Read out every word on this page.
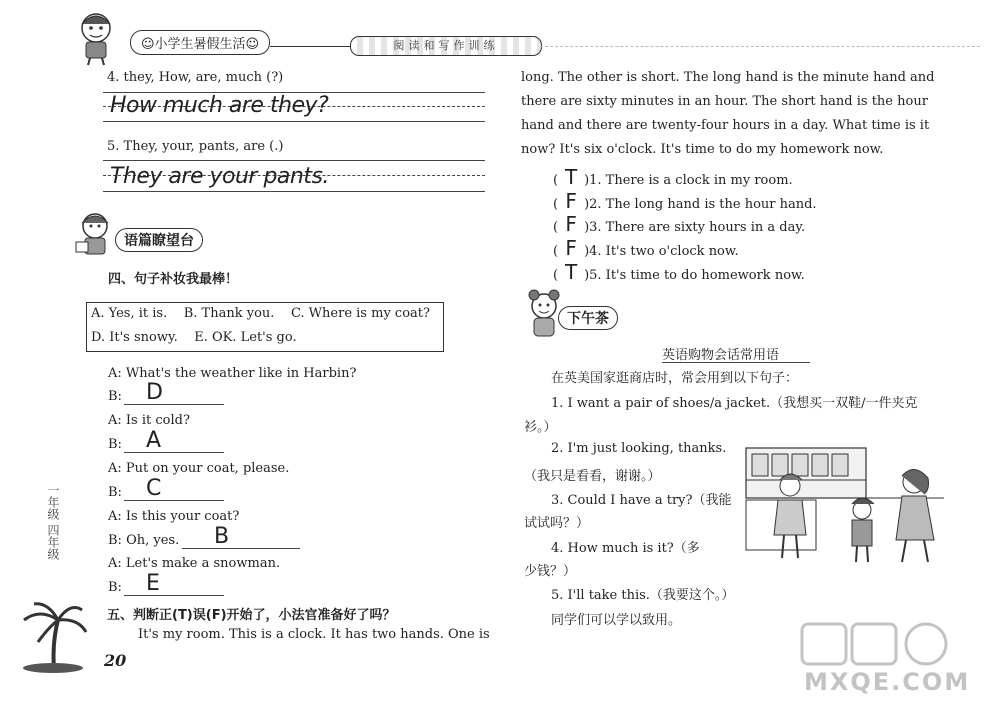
☺小学生暑假生活☺	阅读和写作训练
4. they, How, are, much (?)
How much are they?
5. They, your, pants, are (.)
They are your pants.
语篇瞭望台
四、句子补妆我最棒！
A. Yes, it is.    B. Thank you.    C. Where is my coat?
D. It's snowy.    E. OK. Let's go.
A: What's the weather like in Harbin?
B: D
A: Is it cold?
B: A
A: Put on your coat, please.
B: C
A: Is this your coat?
B: Oh, yes. B
A: Let's make a snowman.
B: E
五、判断正(T)误(F)开始了，小法官准备好了吗？
It's my room. This is a clock. It has two hands. One is
一年级 四年级
20
long. The other is short. The long hand is the minute hand and
there are sixty minutes in an hour. The short hand is the hour
hand and there are twenty-four hours in a day. What time is it
now? It's six o'clock. It's time to do my homework now.
( T )1. There is a clock in my room.
( F )2. The long hand is the hour hand.
( F )3. There are sixty hours in a day.
( F )4. It's two o'clock now.
( T )5. It's time to do homework now.
下午茶
英语购物会话常用语
在英美国家逛商店时，常会用到以下句子：
1. I want a pair of shoes/a jacket.（我想买一双鞋/一件夹克
衫。）
2. I'm just looking, thanks.
（我只是看看，谢谢。）
3. Could I have a try?（我能
试试吗？）
4. How much is it?（多
少钱？）
5. I'll take this.（我要这个。）
同学们可以学以致用。
MXQE.COM
